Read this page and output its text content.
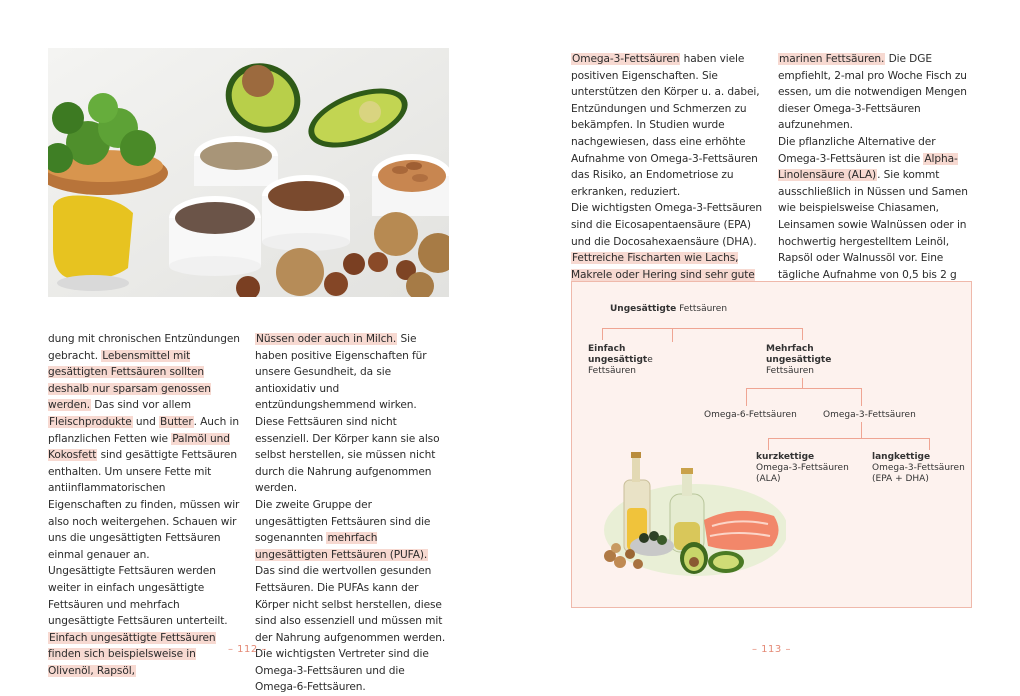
dung mit chronischen Entzündungen gebracht. Lebensmittel mit gesättigten Fettsäuren sollten deshalb nur sparsam genossen werden. Das sind vor allem Fleischprodukte und Butter. Auch in pflanzlichen Fetten wie Palmöl und Kokosfett sind gesättigte Fettsäuren enthalten. Um unsere Fette mit antiinflammatorischen Eigenschaften zu finden, müssen wir also noch weitergehen. Schauen wir uns die ungesättigten Fettsäuren einmal genauer an.

Ungesättigte Fettsäuren werden weiter in einfach ungesättigte Fettsäuren und mehrfach ungesättigte Fettsäuren unterteilt.

Einfach ungesättigte Fettsäuren finden sich beispielsweise in Olivenöl, Rapsöl,

Nüssen oder auch in Milch. Sie haben positive Eigenschaften für unsere Gesundheit, da sie antioxidativ und entzündungshemmend wirken. Diese Fettsäuren sind nicht essenziell. Der Körper kann sie also selbst herstellen, sie müssen nicht durch die Nahrung aufgenommen werden.

Die zweite Gruppe der ungesättigten Fettsäuren sind die sogenannten mehrfach ungesättigten Fettsäuren (PUFA). Das sind die wertvollen gesunden Fettsäuren. Die PUFAs kann der Körper nicht selbst herstellen, diese sind also essenziell und müssen mit der Nahrung aufgenommen werden. Die wichtigsten Vertreter sind die Omega-3-Fettsäuren und die Omega-6-Fettsäuren.

– 112 –

Omega-3-Fettsäuren haben viele positiven Eigenschaften. Sie unterstützen den Körper u. a. dabei, Entzündungen und Schmerzen zu bekämpfen. In Studien wurde nachgewiesen, dass eine erhöhte Aufnahme von Omega-3-Fettsäuren das Risiko, an Endometriose zu erkranken, reduziert.

Die wichtigsten Omega-3-Fettsäuren sind die Eicosapentaensäure (EPA) und die Docosahexaensäure (DHA). Fettreiche Fischarten wie Lachs, Makrele oder Hering sind sehr gute

marinen Fettsäuren. Die DGE empfiehlt, 2-mal pro Woche Fisch zu essen, um die notwendigen Mengen dieser Omega-3-Fettsäuren aufzunehmen.

Die pflanzliche Alternative der Omega-3-Fettsäuren ist die Alpha-Linolensäure (ALA). Sie kommt ausschließlich in Nüssen und Samen wie beispielsweise Chiasamen, Leinsamen sowie Walnüssen oder in hochwertig hergestelltem Leinöl, Rapsöl oder Walnussöl vor. Eine tägliche Aufnahme von 0,5 bis 2 g

Ungesättigte Fettsäuren
Einfach
ungesättigte
Fettsäuren
Mehrfach
ungesättigte
Fettsäuren
Omega-6-Fettsäuren	Omega-3-Fettsäuren
kurzkettige
Omega-3-Fettsäuren
(ALA)
langkettige
Omega-3-Fettsäuren
(EPA + DHA)
– 113 –
